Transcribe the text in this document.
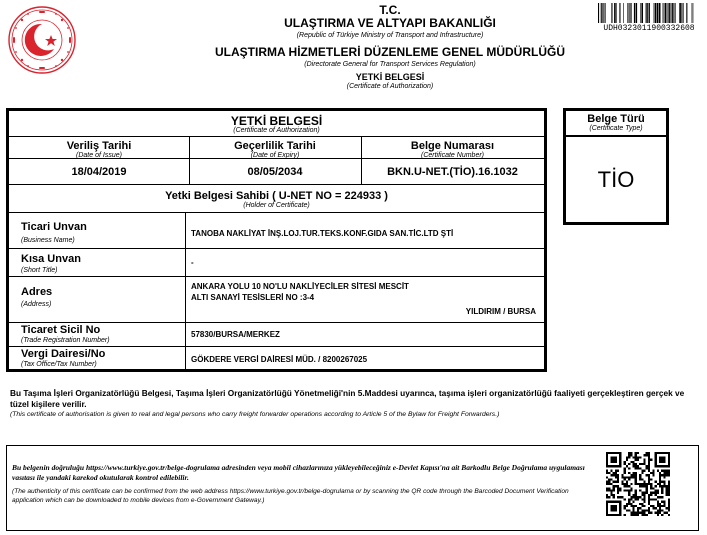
T.C.
ULAŞTIRMA VE ALTYAPI BAKANLIĞI
(Republic of Türkiye Ministry of Transport and Infrastructure)
ULAŞTIRMA HİZMETLERİ DÜZENLEME GENEL MÜDÜRLÜĞÜ
(Directorate General for Transport Services Regulation)
YETKİ BELGESİ
(Certificate of Authorization)
UDH0323011900332608
YETKİ BELGESİ
(Certificate of Authorization)
Veriliş Tarihi
(Date of Issue)
Geçerlilik Tarihi
(Date of Expiry)
Belge Numarası
(Certificate Number)
18/04/2019	08/05/2034	BKN.U-NET.(TİO).16.1032
Yetki Belgesi Sahibi ( U-NET NO = 224933 )
(Holder of Certificate)
Ticari Unvan
(Business Name)
TANOBA NAKLİYAT İNŞ.LOJ.TUR.TEKS.KONF.GIDA SAN.TİC.LTD ŞTİ
Kısa Unvan
(Short Title)
-
Adres
(Address)
ANKARA YOLU 10 NO'LU NAKLİYECİLER SİTESİ MESCİT
ALTI SANAYİ TESİSLERİ NO :3-4
YILDIRIM / BURSA
Ticaret Sicil No
(Trade Registration Number)
57830/BURSA/MERKEZ
Vergi Dairesi/No
(Tax Office/Tax Number)
GÖKDERE VERGİ DAİRESİ MÜD. / 8200267025
Belge Türü
(Certificate Type)
TİO
Bu Taşıma İşleri Organizatörlüğü Belgesi, Taşıma İşleri Organizatörlüğü Yönetmeliği'nin 5.Maddesi uyarınca, taşıma işleri organizatörlüğü faaliyeti gerçekleştiren gerçek ve tüzel kişilere verilir.
(This certificate of authorisation is given to real and legal persons who carry freight forwarder operations according to Article 5 of the Bylaw for Freight Forwarders.)
Bu belgenin doğruluğu https://www.turkiye.gov.tr/belge-dogrulama adresinden veya mobil cihazlarınıza yükleyebileceğiniz e-Devlet Kapısı'na ait Barkodlu Belge Doğrulama uygulaması vasıtası ile yandaki karekod okutularak kontrol edilebilir.
(The authenticity of this certificate can be confirmed from the web address https://www.turkiye.gov.tr/belge-dogrulama or by scanning the QR code through the Barcoded Document Verification application which can be downloaded to mobile devices from e-Government Gateway.)
